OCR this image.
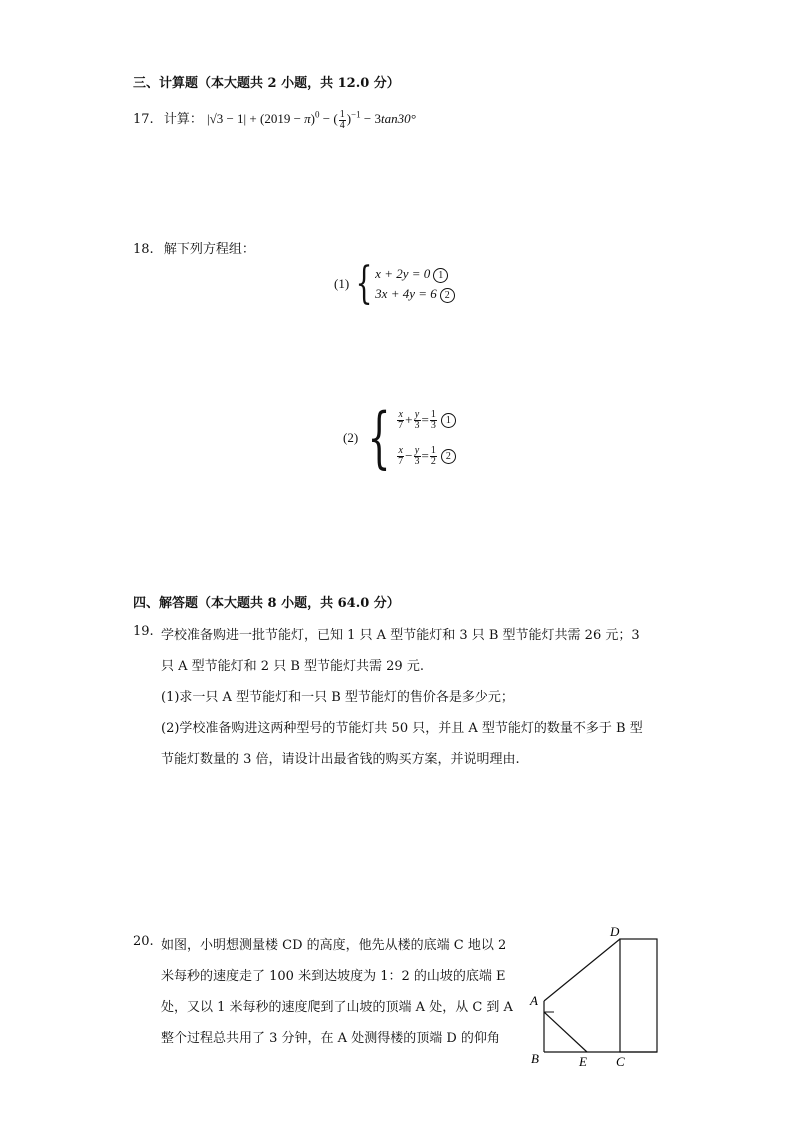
三、计算题（本大题共 2 小题，共 12.0 分）
17. 计算： $|√3 - 1| + (2019 - \pi)^0$ − ( $\frac{1}{4} )^{-1} - 3\tan 30^\circ$
18. 解下列方程组：
(1) { x + 2y = 0 1
3x + 4y = 6 2
(2) { $\frac{x}{7} + \frac{y}{3} = \frac{1}{3} 1$
$\frac{x}{7} - \frac{y}{3} = \frac{1}{2} 2$
四、解答题（本大题共 8 小题，共 64.0 分）
19. 学校准备购进一批节能灯，已知 1 只 A 型节能灯和 3 只 B 型节能灯共需 26 元；3
只 A 型节能灯和 2 只 B 型节能灯共需 29 元.
(1)求一只 A 型节能灯和一只 B 型节能灯的售价各是多少元；
(2)学校准备购进这两种型号的节能灯共 50 只，并且 A 型节能灯的数量不多于 B 型
节能灯数量的 3 倍，请设计出最省钱的购买方案，并说明理由.
20. 如图，小明想测量楼 CD 的高度，他先从楼的底端 C 地以 2
米每秒的速度走了 100 米到达坡度为 1：2 的山坡的底端 E
处，又以 1 米每秒的速度爬到了山坡的顶端 A 处，从 C 到 A
整个过程总共用了 3 分钟，在 A 处测得楼的顶端 D 的仰角
D
A
B	E C
